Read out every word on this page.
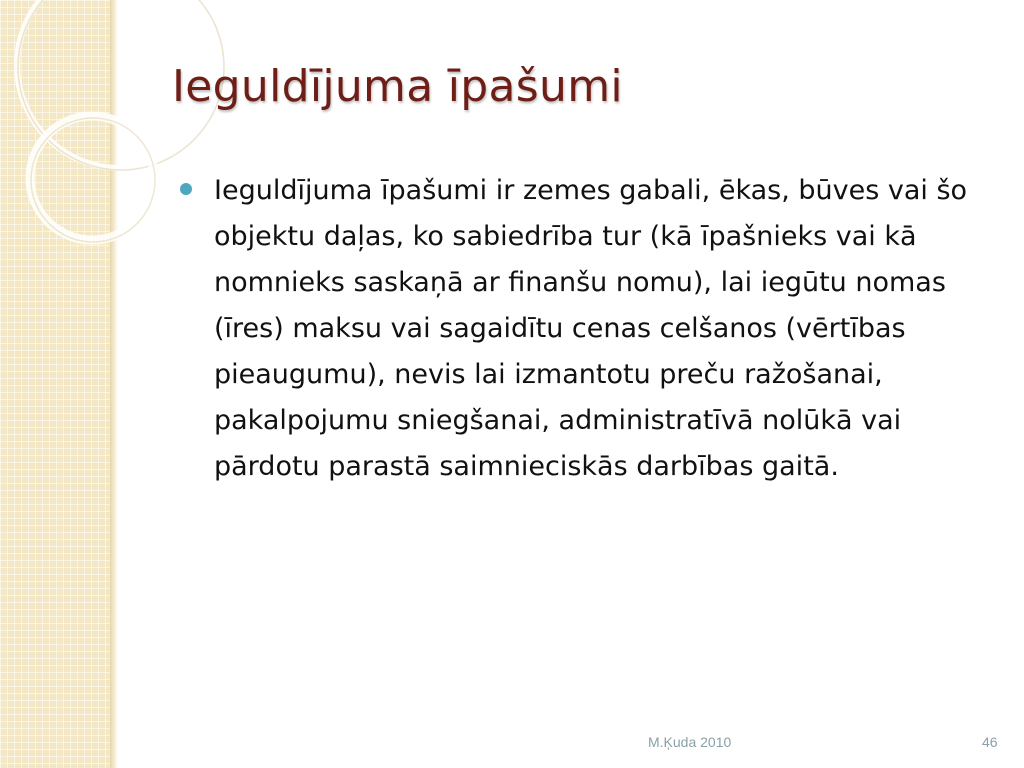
Ieguldījuma īpašumi
Ieguldījuma īpašumi ir zemes gabali, ēkas, būves vai šo objektu daļas, ko sabiedrība tur (kā īpašnieks vai kā nomnieks saskaņā ar finanšu nomu), lai iegūtu nomas (īres) maksu vai sagaidītu cenas celšanos (vērtības pieaugumu), nevis lai izmantotu preču ražošanai, pakalpojumu sniegšanai, administratīvā nolūkā vai pārdotu parastā saimnieciskās darbības gaitā.
M.Ķuda 2010	46
